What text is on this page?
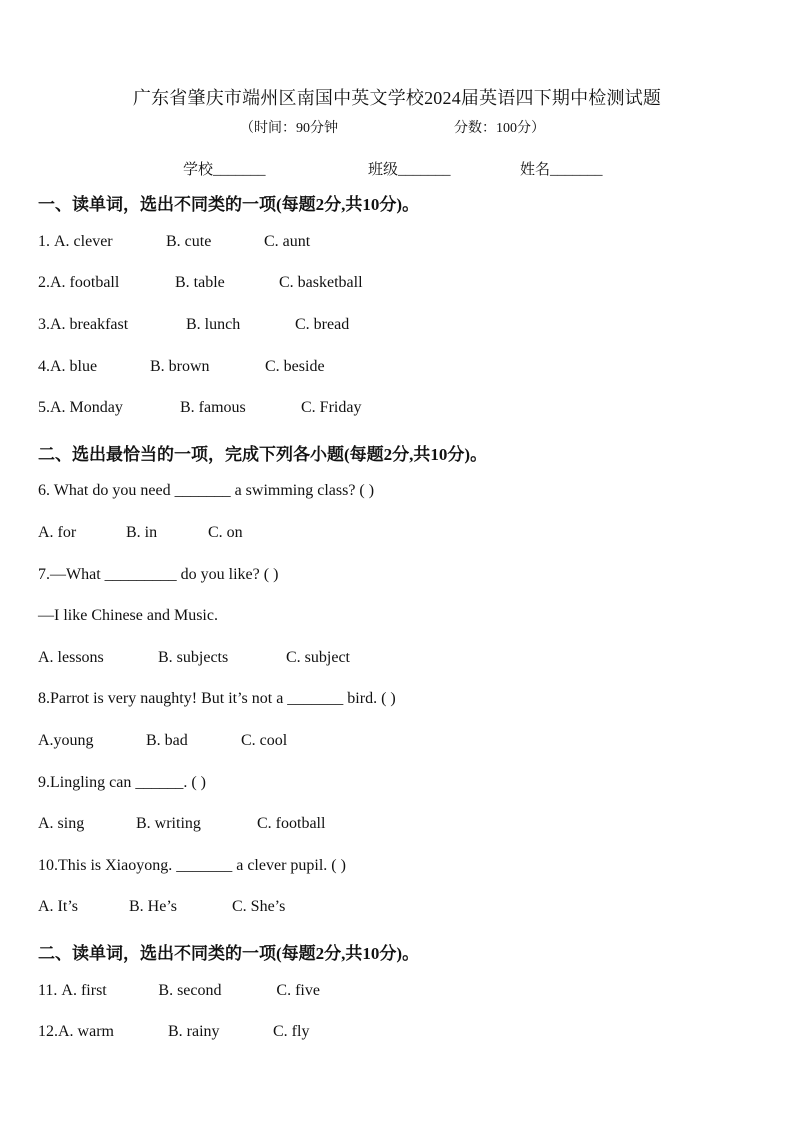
广东省肇庆市端州区南国中英文学校2024届英语四下期中检测试题
（时间：90分钟	分数：100分）
学校_______	班级_______	姓名_______
一、读单词，选出不同类的一项(每题2分,共10分)。
1. A. clever	B. cute	C. aunt
2.A. football	B. table	C. basketball
3.A. breakfast	B. lunch	C. bread
4.A. blue	B. brown	C. beside
5.A. Monday	B. famous	C. Friday
二、选出最恰当的一项，完成下列各小题(每题2分,共10分)。
6. What do you need _______ a swimming class? ( )
A. for	B. in	C. on
7.—What _________ do you like? ( )
—I like Chinese and Music.
A. lessons	B. subjects	C. subject
8.Parrot is very naughty! But it’s not a _______ bird. ( )
A.young	B. bad	C. cool
9.Lingling can ______. ( )
A. sing	B. writing	C. football
10.This is Xiaoyong. _______ a clever pupil. ( )
A. It’s	B. He’s	C. She’s
二、读单词，选出不同类的一项(每题2分,共10分)。
11. A. first	B. second	C. five
12.A. warm	B. rainy	C. fly
